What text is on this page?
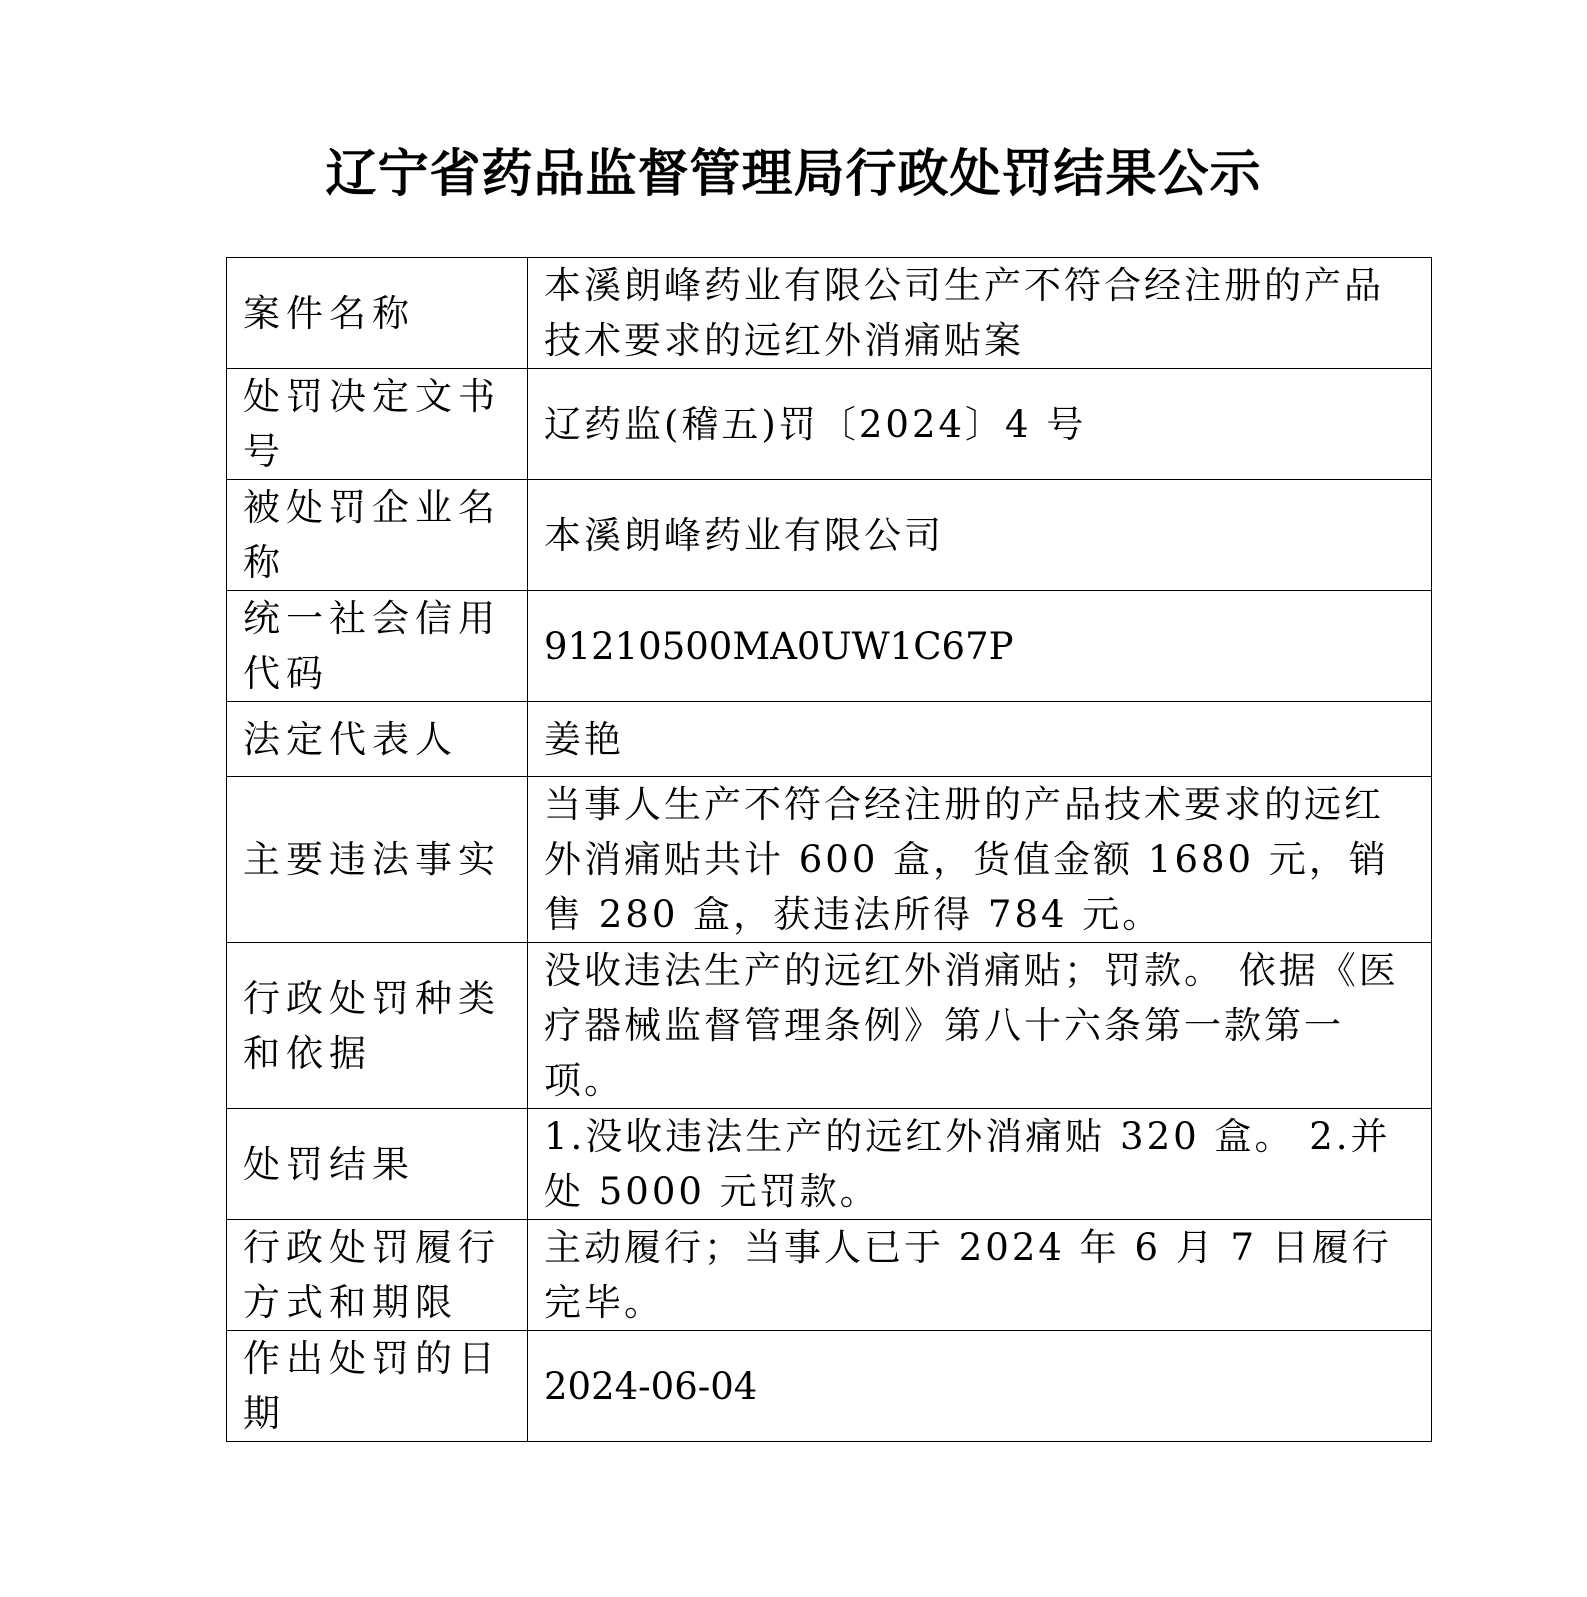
辽宁省药品监督管理局行政处罚结果公示
案件名称	本溪朗峰药业有限公司生产不符合经注册的产品技术要求的远红外消痛贴案
处罚决定文书号	辽药监(稽五)罚〔2024〕4 号
被处罚企业名称	本溪朗峰药业有限公司
统一社会信用代码	91210500MA0UW1C67P
法定代表人	姜艳
主要违法事实	当事人生产不符合经注册的产品技术要求的远红外消痛贴共计 600 盒，货值金额 1680 元，销售 280 盒，获违法所得 784 元。
行政处罚种类和依据	没收违法生产的远红外消痛贴；罚款。 依据《医疗器械监督管理条例》第八十六条第一款第一项。
处罚结果	1.没收违法生产的远红外消痛贴 320 盒。 2.并处 5000 元罚款。
行政处罚履行方式和期限	主动履行；当事人已于 2024 年 6 月 7 日履行完毕。
作出处罚的日期	2024-06-04
